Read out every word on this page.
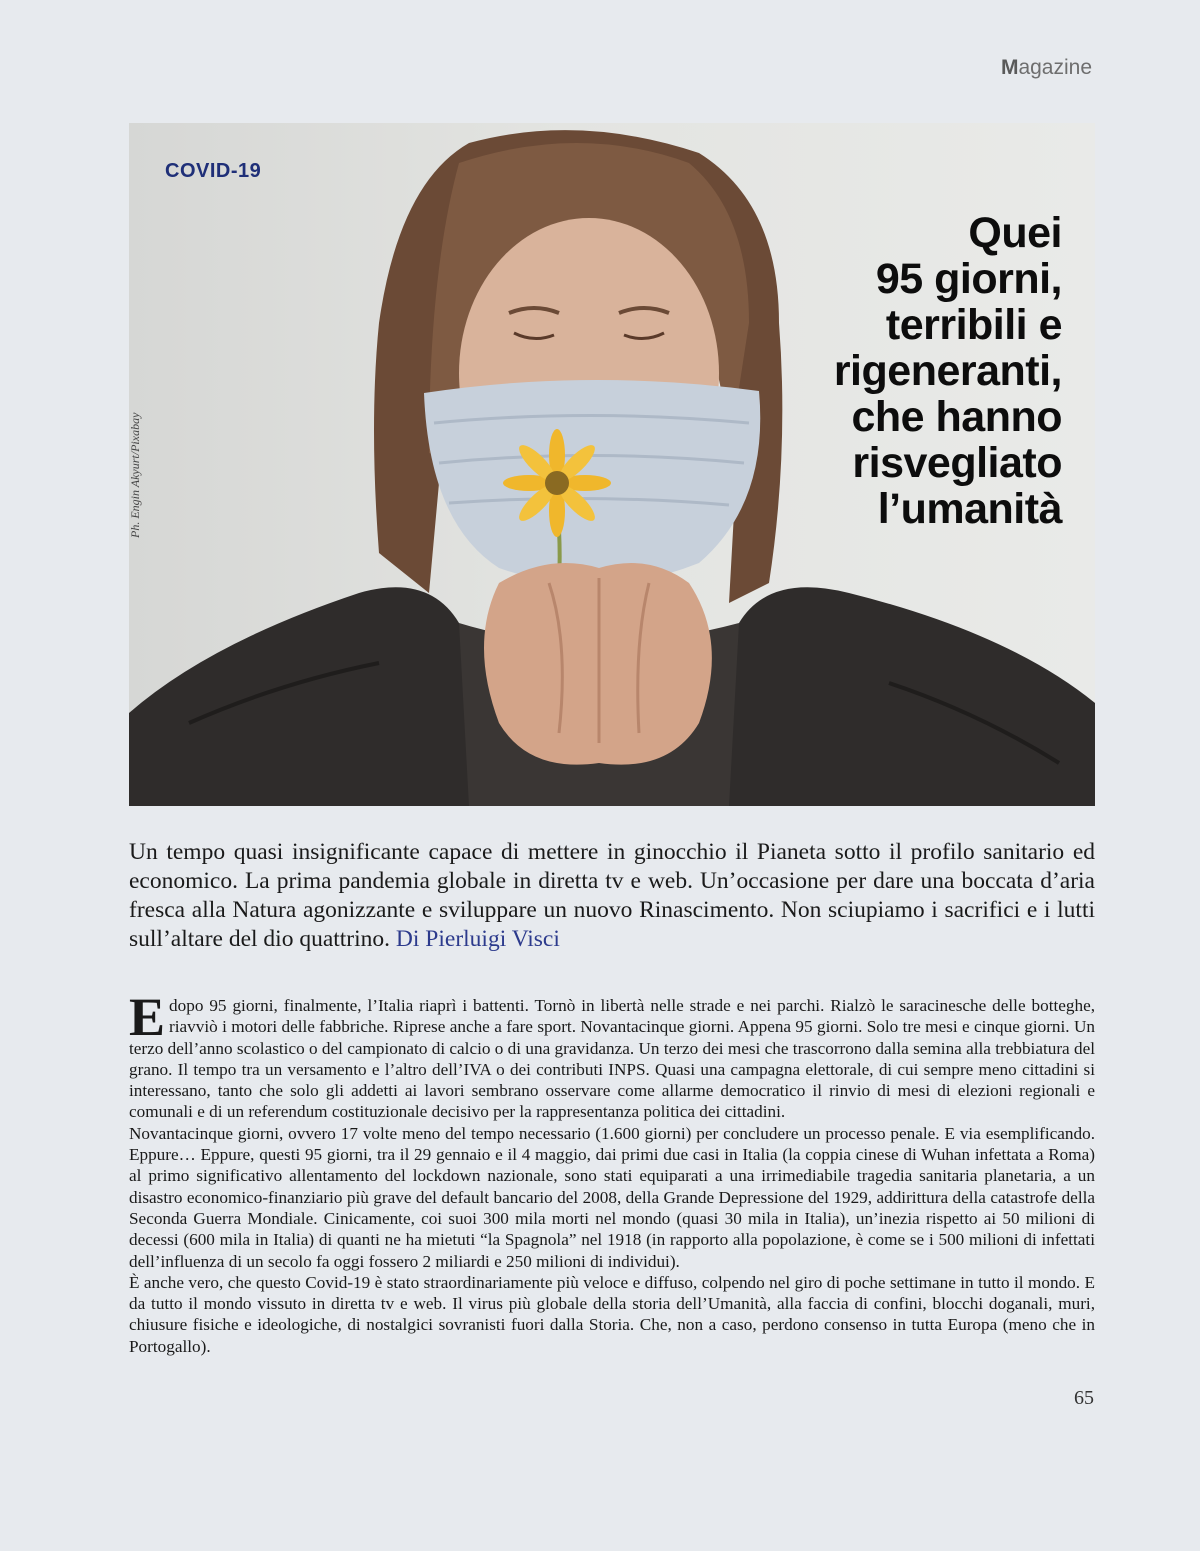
Magazine
COVID-19
Quei
95 giorni,
terribili e
rigeneranti,
che hanno
risvegliato
l’umanità
Ph. Engin Akyurt/Pixabay

Un tempo quasi insignificante capace di mettere in ginocchio il Pianeta sotto il profilo sanitario ed economico. La prima pandemia globale in diretta tv e web. Un’occasione per dare una boccata d’aria fresca alla Natura agonizzante e sviluppare un nuovo Rinascimento. Non sciupiamo i sacrifici e i lutti sull’altare del dio quattrino. Di Pierluigi Visci

E dopo 95 giorni, finalmente, l’Italia riaprì i battenti. Tornò in libertà nelle strade e nei parchi. Rialzò le saracinesche delle botteghe, riavviò i motori delle fabbriche. Riprese anche a fare sport. Novantacinque giorni. Appena 95 giorni. Solo tre mesi e cinque giorni. Un terzo dell’anno scolastico o del campionato di calcio o di una gravidanza. Un terzo dei mesi che trascorrono dalla semina alla trebbiatura del grano. Il tempo tra un versamento e l’altro dell’IVA o dei contributi INPS. Quasi una campagna elettorale, di cui sempre meno cittadini si interessano, tanto che solo gli addetti ai lavori sembrano osservare come allarme democratico il rinvio di mesi di elezioni regionali e comunali e di un referendum costituzionale decisivo per la rappresentanza politica dei cittadini.

Novantacinque giorni, ovvero 17 volte meno del tempo necessario (1.600 giorni) per concludere un processo penale. E via esemplificando. Eppure… Eppure, questi 95 giorni, tra il 29 gennaio e il 4 maggio, dai primi due casi in Italia (la coppia cinese di Wuhan infettata a Roma) al primo significativo allentamento del lockdown nazionale, sono stati equiparati a una irrimediabile tragedia sanitaria planetaria, a un disastro economico-finanziario più grave del default bancario del 2008, della Grande Depressione del 1929, addirittura della catastrofe della Seconda Guerra Mondiale. Cinicamente, coi suoi 300 mila morti nel mondo (quasi 30 mila in Italia), un’inezia rispetto ai 50 milioni di decessi (600 mila in Italia) di quanti ne ha mietuti “la Spagnola” nel 1918 (in rapporto alla popolazione, è come se i 500 milioni di infettati dell’influenza di un secolo fa oggi fossero 2 miliardi e 250 milioni di individui).

È anche vero, che questo Covid-19 è stato straordinariamente più veloce e diffuso, colpendo nel giro di poche settimane in tutto il mondo. E da tutto il mondo vissuto in diretta tv e web. Il virus più globale della storia dell’Umanità, alla faccia di confini, blocchi doganali, muri, chiusure fisiche e ideologiche, di nostalgici sovranisti fuori dalla Storia. Che, non a caso, perdono consenso in tutta Europa (meno che in Portogallo).

65
